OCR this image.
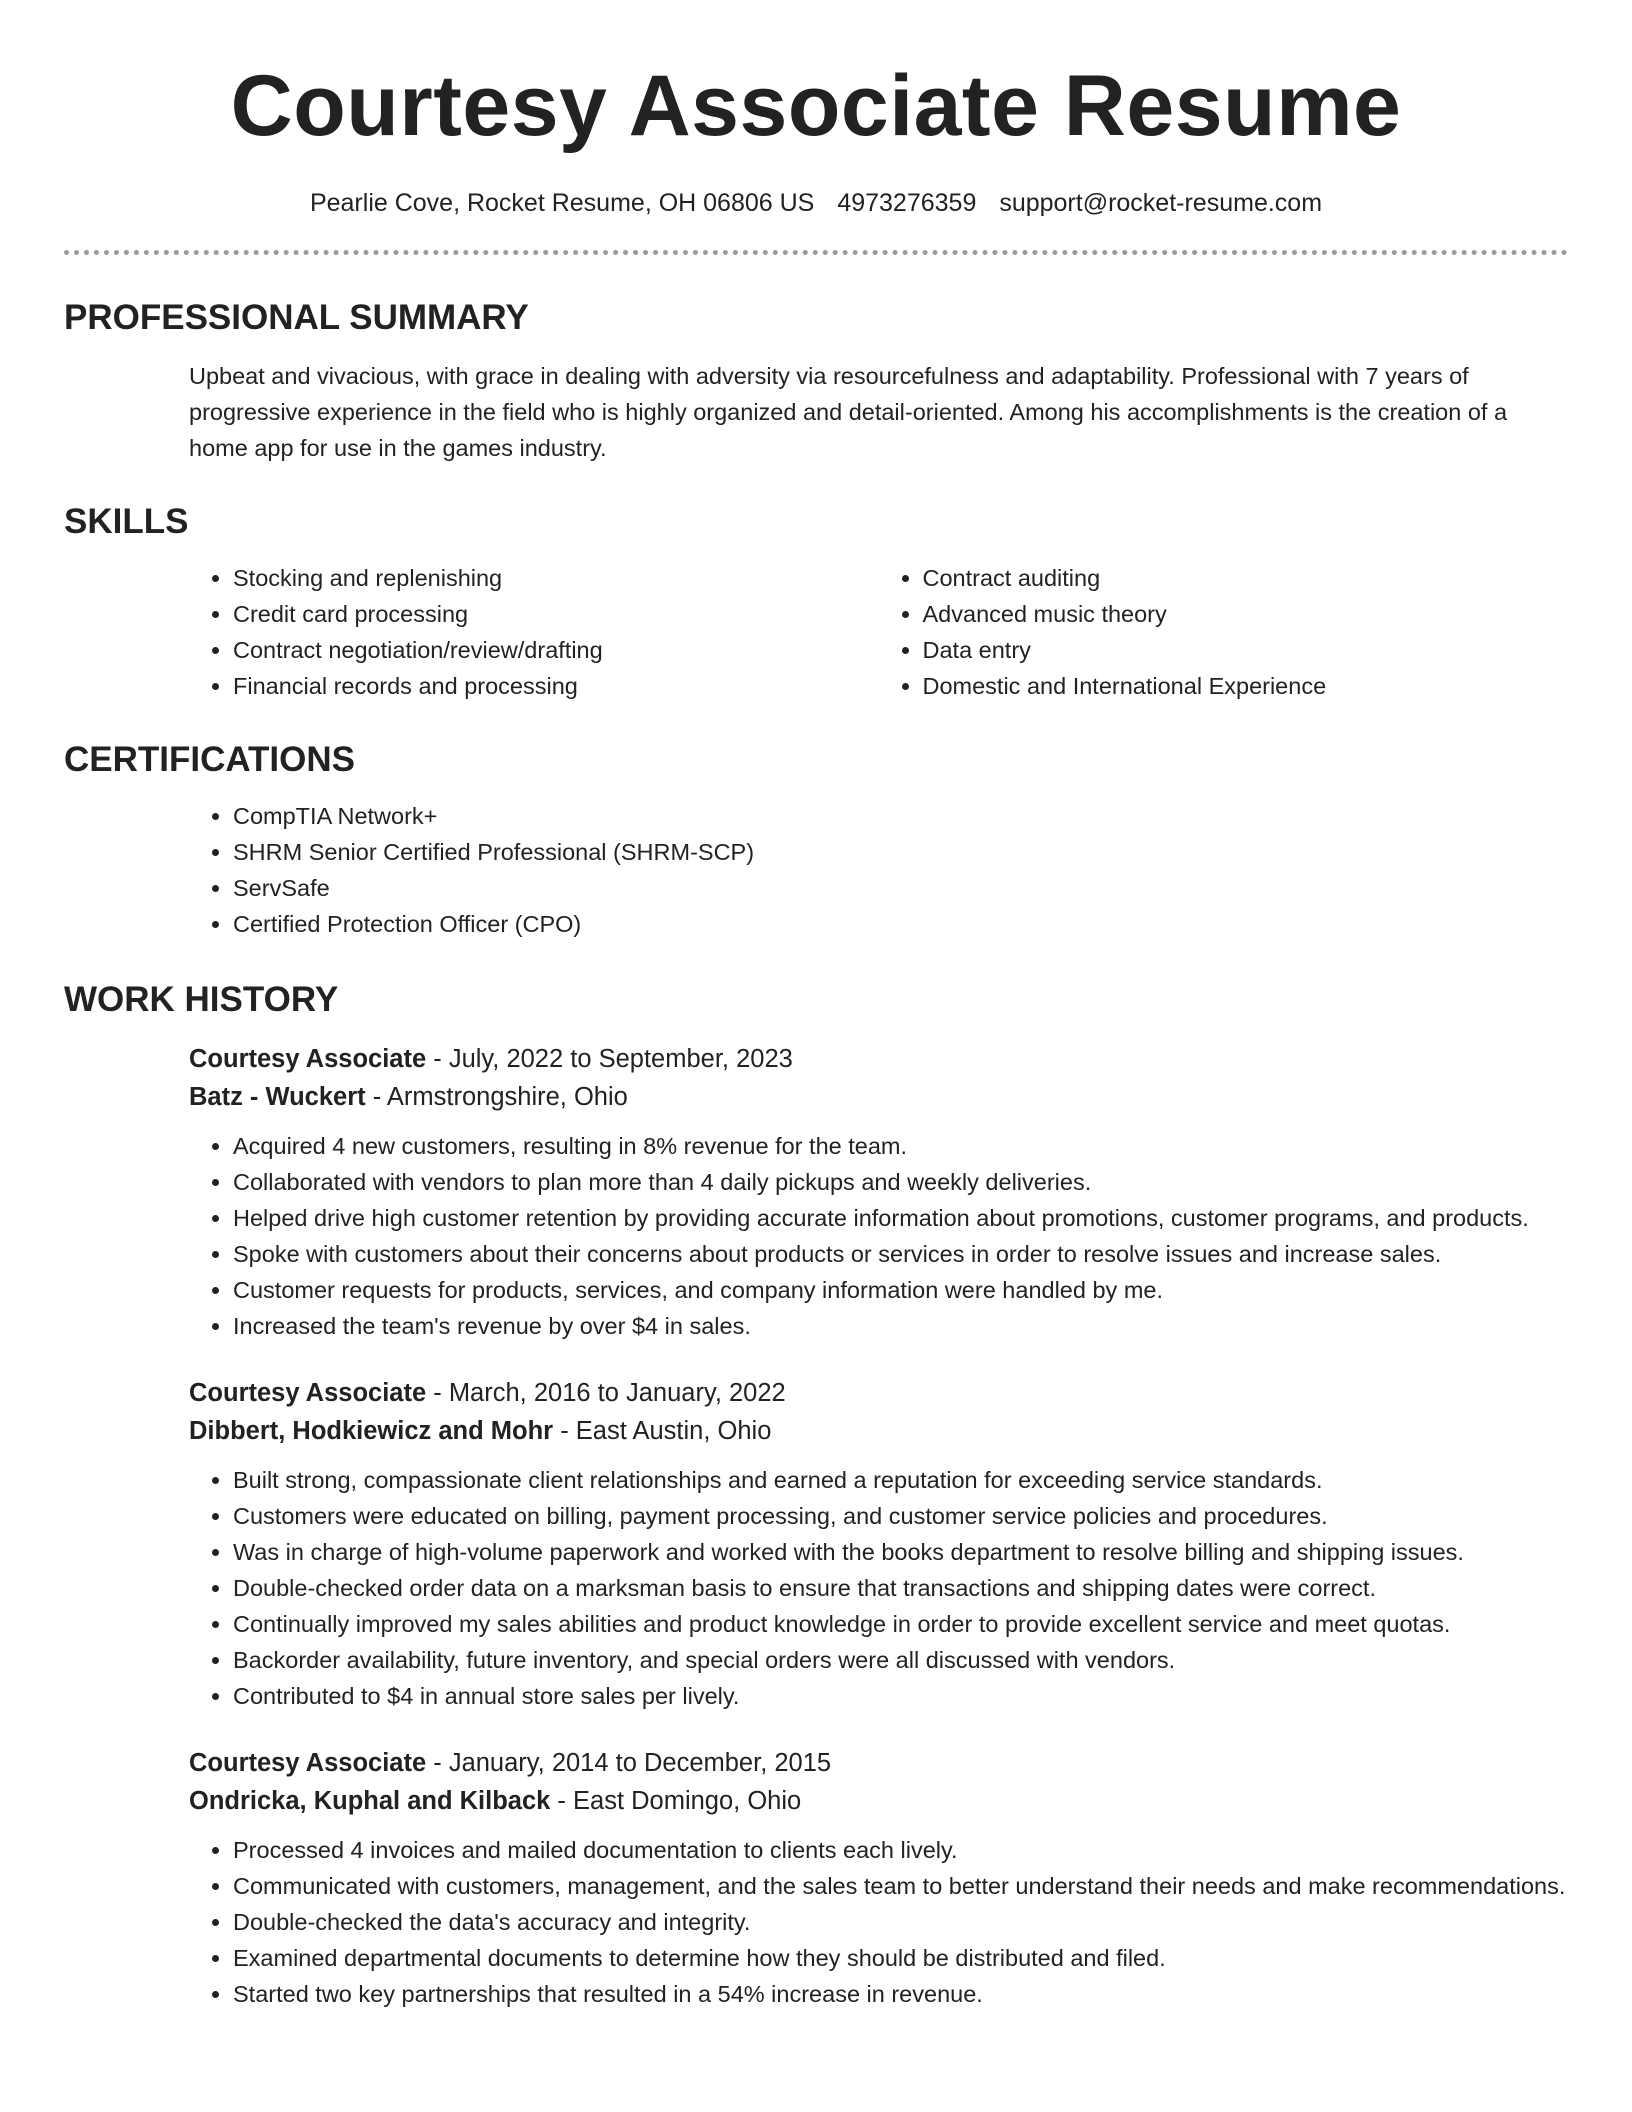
Courtesy Associate Resume
Pearlie Cove, Rocket Resume, OH 06806 US 4973276359 support@rocket-resume.com
PROFESSIONAL SUMMARY

Upbeat and vivacious, with grace in dealing with adversity via resourcefulness and adaptability. Professional with 7 years of progressive experience in the field who is highly organized and detail-oriented. Among his accomplishments is the creation of a home app for use in the games industry.

SKILLS
• Stocking and replenishing
• Credit card processing
• Contract negotiation/review/drafting
• Financial records and processing
• Contract auditing
• Advanced music theory
• Data entry
• Domestic and International Experience
CERTIFICATIONS
• CompTIA Network+
• SHRM Senior Certified Professional (SHRM-SCP)
• ServSafe
• Certified Protection Officer (CPO)
WORK HISTORY
Courtesy Associate - July, 2022 to September, 2023
Batz - Wuckert - Armstrongshire, Ohio
• Acquired 4 new customers, resulting in 8% revenue for the team.
• Collaborated with vendors to plan more than 4 daily pickups and weekly deliveries.
• Helped drive high customer retention by providing accurate information about promotions, customer programs, and products.
• Spoke with customers about their concerns about products or services in order to resolve issues and increase sales.
• Customer requests for products, services, and company information were handled by me.
• Increased the team's revenue by over $4 in sales.
Courtesy Associate - March, 2016 to January, 2022
Dibbert, Hodkiewicz and Mohr - East Austin, Ohio
• Built strong, compassionate client relationships and earned a reputation for exceeding service standards.
• Customers were educated on billing, payment processing, and customer service policies and procedures.
• Was in charge of high-volume paperwork and worked with the books department to resolve billing and shipping issues.
• Double-checked order data on a marksman basis to ensure that transactions and shipping dates were correct.
• Continually improved my sales abilities and product knowledge in order to provide excellent service and meet quotas.
• Backorder availability, future inventory, and special orders were all discussed with vendors.
• Contributed to $4 in annual store sales per lively.
Courtesy Associate - January, 2014 to December, 2015
Ondricka, Kuphal and Kilback - East Domingo, Ohio
• Processed 4 invoices and mailed documentation to clients each lively.
• Communicated with customers, management, and the sales team to better understand their needs and make recommendations.
• Double-checked the data's accuracy and integrity.
• Examined departmental documents to determine how they should be distributed and filed.
• Started two key partnerships that resulted in a 54% increase in revenue.
